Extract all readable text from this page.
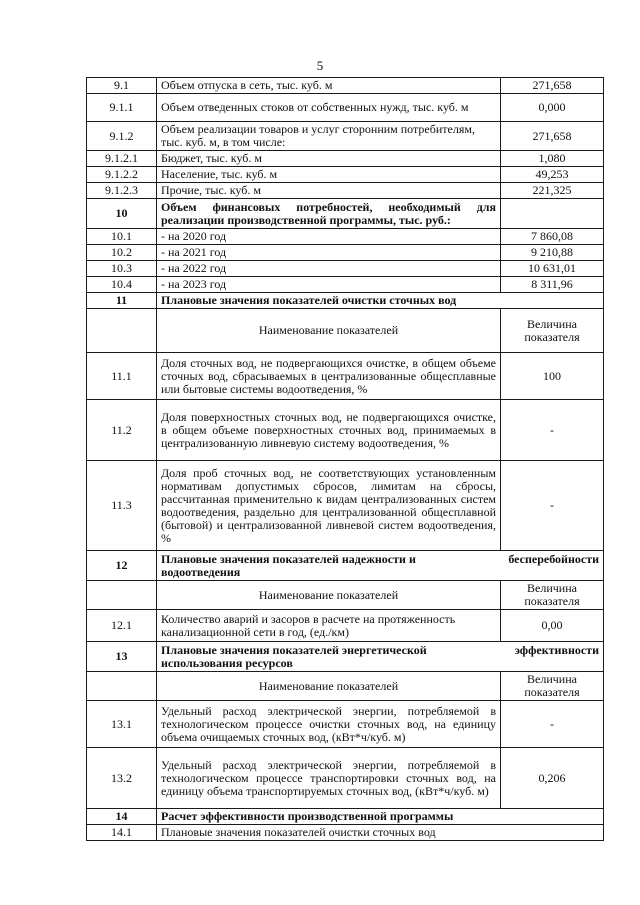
5
9.1	Объем отпуска в сеть, тыс. куб. м	271,658
9.1.1	Объем отведенных стоков от собственных нужд, тыс. куб. м	0,000
9.1.2	Объем реализации товаров и услуг сторонним потребителям, тыс. куб. м, в том числе:	271,658
9.1.2.1	Бюджет, тыс. куб. м	1,080
9.1.2.2	Население, тыс. куб. м	49,253
9.1.2.3	Прочие, тыс. куб. м	221,325
10	Объем финансовых потребностей, необходимый для реализации производственной программы, тыс. руб.:	
10.1	- на 2020 год	7 860,08
10.2	- на 2021 год	9 210,88
10.3	- на 2022 год	10 631,01
10.4	- на 2023 год	8 311,96
11	Плановые значения показателей очистки сточных вод	
	Наименование показателей	Величина показателя
11.1	Доля сточных вод, не подвергающихся очистке, в общем объеме сточных вод, сбрасываемых в централизованные общесплавные или бытовые системы водоотведения, %	100
11.2	Доля поверхностных сточных вод, не подвергающихся очистке, в общем объеме поверхностных сточных вод, принимаемых в централизованную ливневую систему водоотведения, %	-
11.3	Доля проб сточных вод, не соответствующих установленным нормативам допустимых сбросов, лимитам на сбросы, рассчитанная применительно к видам централизованных систем водоотведения, раздельно для централизованной общесплавной (бытовой) и централизованной ливневой систем водоотведения, %	-
12	Плановые значения показателей надежности и бесперебойности
водоотведения	

	Наименование показателей	Величина показателя
12.1	Количество аварий и засоров в расчете на протяженность канализационной сети в год, (ед./км)	0,00
13	Плановые значения показателей энергетической эффективности
использования ресурсов	

	Наименование показателей	Величина показателя
13.1	Удельный расход электрической энергии, потребляемой в технологическом процессе очистки сточных вод, на единицу объема очищаемых сточных вод, (кВт*ч/куб. м)	-
13.2	Удельный расход электрической энергии, потребляемой в технологическом процессе транспортировки сточных вод, на единицу объема транспортируемых сточных вод, (кВт*ч/куб. м)	0,206
14	Расчет эффективности производственной программы	
14.1	Плановые значения показателей очистки сточных вод	
